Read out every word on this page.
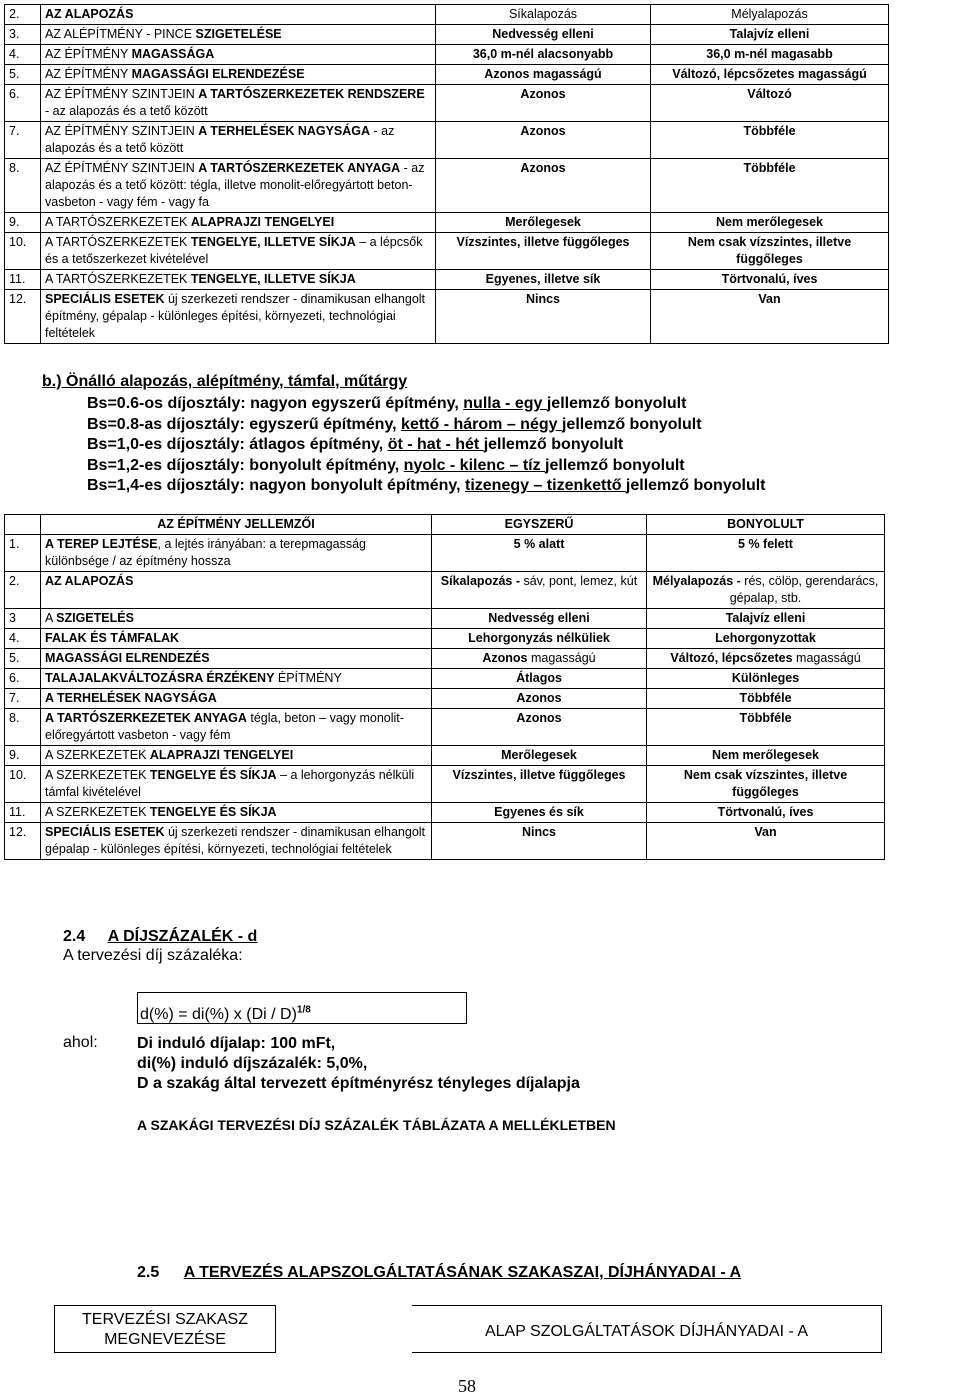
2.	AZ ALAPOZÁS	Síkalapozás	Mélyalapozás
3.	AZ ALÉPÍTMÉNY - PINCE SZIGETELÉSE	Nedvesség elleni	Talajvíz elleni
4.	AZ ÉPÍTMÉNY MAGASSÁGA	36,0 m-nél alacsonyabb	36,0 m-nél magasabb
5.	AZ ÉPÍTMÉNY MAGASSÁGI ELRENDEZÉSE	Azonos magasságú	Változó, lépcsőzetes magasságú
6.	AZ ÉPÍTMÉNY SZINTJEIN A TARTÓSZERKEZETEK RENDSZERE - az alapozás és a tető között	Azonos	Változó
7.	AZ ÉPÍTMÉNY SZINTJEIN A TERHELÉSEK NAGYSÁGA - az alapozás és a tető között	Azonos	Többféle
8.	AZ ÉPÍTMÉNY SZINTJEIN A TARTÓSZERKEZETEK ANYAGA - az alapozás és a tető között: tégla, illetve monolit-előregyártott beton-vasbeton - vagy fém - vagy fa	Azonos	Többféle
9.	A TARTÓSZERKEZETEK ALAPRAJZI TENGELYEI	Merőlegesek	Nem merőlegesek
10.	A TARTÓSZERKEZETEK TENGELYE, ILLETVE SÍKJA – a lépcsők és a tetőszerkezet kivételével	Vízszintes, illetve függőleges	Nem csak vízszintes, illetve függőleges
11.	A TARTÓSZERKEZETEK TENGELYE, ILLETVE SÍKJA	Egyenes, illetve sík	Törtvonalú, íves
12.	SPECIÁLIS ESETEK új szerkezeti rendszer - dinamikusan elhangolt építmény, gépalap - különleges építési, környezeti, technológiai feltételek	Nincs	Van
b.) Önálló alapozás, alépítmény, támfal, műtárgy
Bs=0.6-os díjosztály: nagyon egyszerű építmény, nulla - egy jellemző bonyolult
Bs=0.8-as díjosztály: egyszerű építmény, kettő - három – négy jellemző bonyolult
Bs=1,0-es díjosztály: átlagos építmény, öt - hat - hét jellemző bonyolult
Bs=1,2-es díjosztály: bonyolult építmény, nyolc - kilenc – tíz jellemző bonyolult
Bs=1,4-es díjosztály: nagyon bonyolult építmény, tizenegy – tizenkettő jellemző bonyolult
	AZ ÉPÍTMÉNY JELLEMZŐI	EGYSZERŰ	BONYOLULT
1.	A TEREP LEJTÉSE, a lejtés irányában: a terepmagasság különbsége / az építmény hossza	5 % alatt	5 % felett
2.	AZ ALAPOZÁS	Síkalapozás - sáv, pont, lemez, kút	Mélyalapozás - rés, cölöp, gerendarács, gépalap, stb.
3	A SZIGETELÉS	Nedvesség elleni	Talajvíz elleni
4.	FALAK ÉS TÁMFALAK	Lehorgonyzás nélküliek	Lehorgonyzottak
5.	MAGASSÁGI ELRENDEZÉS	Azonos magasságú	Változó, lépcsőzetes magasságú
6.	TALAJALAKVÁLTOZÁSRA ÉRZÉKENY ÉPÍTMÉNY	Átlagos	Különleges
7.	A TERHELÉSEK NAGYSÁGA	Azonos	Többféle
8.	A TARTÓSZERKEZETEK ANYAGA tégla, beton – vagy monolit-előregyártott vasbeton - vagy fém	Azonos	Többféle
9.	A SZERKEZETEK ALAPRAJZI TENGELYEI	Merőlegesek	Nem merőlegesek
10.	A SZERKEZETEK TENGELYE ÉS SÍKJA – a lehorgonyzás nélküli támfal kivételével	Vízszintes, illetve függőleges	Nem csak vízszintes, illetve függőleges
11.	A SZERKEZETEK TENGELYE ÉS SÍKJA	Egyenes és sík	Törtvonalú, íves
12.	SPECIÁLIS ESETEK új szerkezeti rendszer - dinamikusan elhangolt gépalap - különleges építési, környezeti, technológiai feltételek	Nincs	Van
2.4 A DÍJSZÁZALÉK - d
A tervezési díj százaléka:
d(%) = di(%) x (Di / D)$^{1/8}$
ahol: Di induló díjalap: 100 mFt,
di(%) induló díjszázalék: 5,0%,
D a szakág által tervezett építményrész tényleges díjalapja
A SZAKÁGI TERVEZÉSI DÍJ SZÁZALÉK TÁBLÁZATA A MELLÉKLETBEN
2.5 A TERVEZÉS ALAPSZOLGÁLTATÁSÁNAK SZAKASZAI, DÍJHÁNYADAI - A
TERVEZÉSI SZAKASZ MEGNEVEZÉSE	ALAP SZOLGÁLTATÁSOK DÍJHÁNYADAI - A
58
